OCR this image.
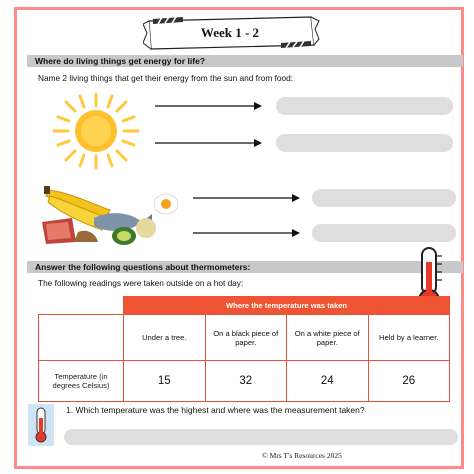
Week 1 - 2
Where do living things get energy for life?
Name 2 living things that get their energy from the sun and from food:
Answer the following questions about thermometers:
The following readings were taken outside on a hot day:
	Where the temperature was taken			
	Under a tree.	On a black piece of paper.	On a white piece of paper.	Held by a learner.
Temperature (in degrees Celsius)	15	32	24	26
1. Which temperature was the highest and where was the measurement taken?
© Mrs T's Resources 2025
